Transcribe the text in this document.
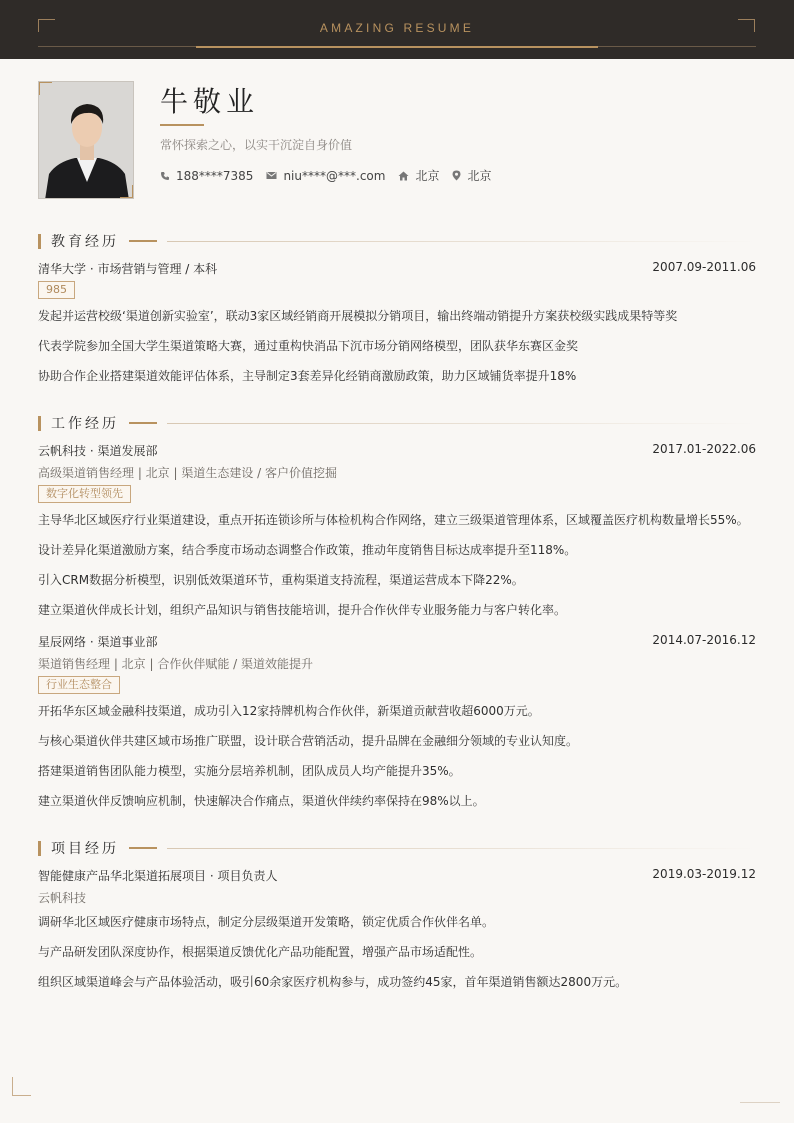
AMAZING RESUME
牛敬业
常怀探索之心，以实干沉淀自身价值
188****7385	niu****@***.com	北京 北京
教育经历
清华大学 · 市场营销与管理 / 本科	2007.09-2011.06
985
发起并运营校级‘渠道创新实验室’，联动3家区域经销商开展模拟分销项目，输出终端动销提升方案获校级实践成果特等奖
代表学院参加全国大学生渠道策略大赛，通过重构快消品下沉市场分销网络模型，团队获华东赛区金奖
协助合作企业搭建渠道效能评估体系，主导制定3套差异化经销商激励政策，助力区域铺货率提升18%
工作经历
云帆科技 · 渠道发展部	2017.01-2022.06
高级渠道销售经理 | 北京 | 渠道生态建设 / 客户价值挖掘
数字化转型领先
主导华北区域医疗行业渠道建设，重点开拓连锁诊所与体检机构合作网络，建立三级渠道管理体系，区域覆盖医疗机构数量增长55%。
设计差异化渠道激励方案，结合季度市场动态调整合作政策，推动年度销售目标达成率提升至118%。
引入CRM数据分析模型，识别低效渠道环节，重构渠道支持流程，渠道运营成本下降22%。
建立渠道伙伴成长计划，组织产品知识与销售技能培训，提升合作伙伴专业服务能力与客户转化率。
星辰网络 · 渠道事业部	2014.07-2016.12
渠道销售经理 | 北京 | 合作伙伴赋能 / 渠道效能提升
行业生态整合
开拓华东区域金融科技渠道，成功引入12家持牌机构合作伙伴，新渠道贡献营收超6000万元。
与核心渠道伙伴共建区域市场推广联盟，设计联合营销活动，提升品牌在金融细分领域的专业认知度。
搭建渠道销售团队能力模型，实施分层培养机制，团队成员人均产能提升35%。
建立渠道伙伴反馈响应机制，快速解决合作痛点，渠道伙伴续约率保持在98%以上。
项目经历
智能健康产品华北渠道拓展项目 · 项目负责人	2019.03-2019.12
云帆科技
调研华北区域医疗健康市场特点，制定分层级渠道开发策略，锁定优质合作伙伴名单。
与产品研发团队深度协作，根据渠道反馈优化产品功能配置，增强产品市场适配性。
组织区域渠道峰会与产品体验活动，吸引60余家医疗机构参与，成功签约45家，首年渠道销售额达2800万元。
